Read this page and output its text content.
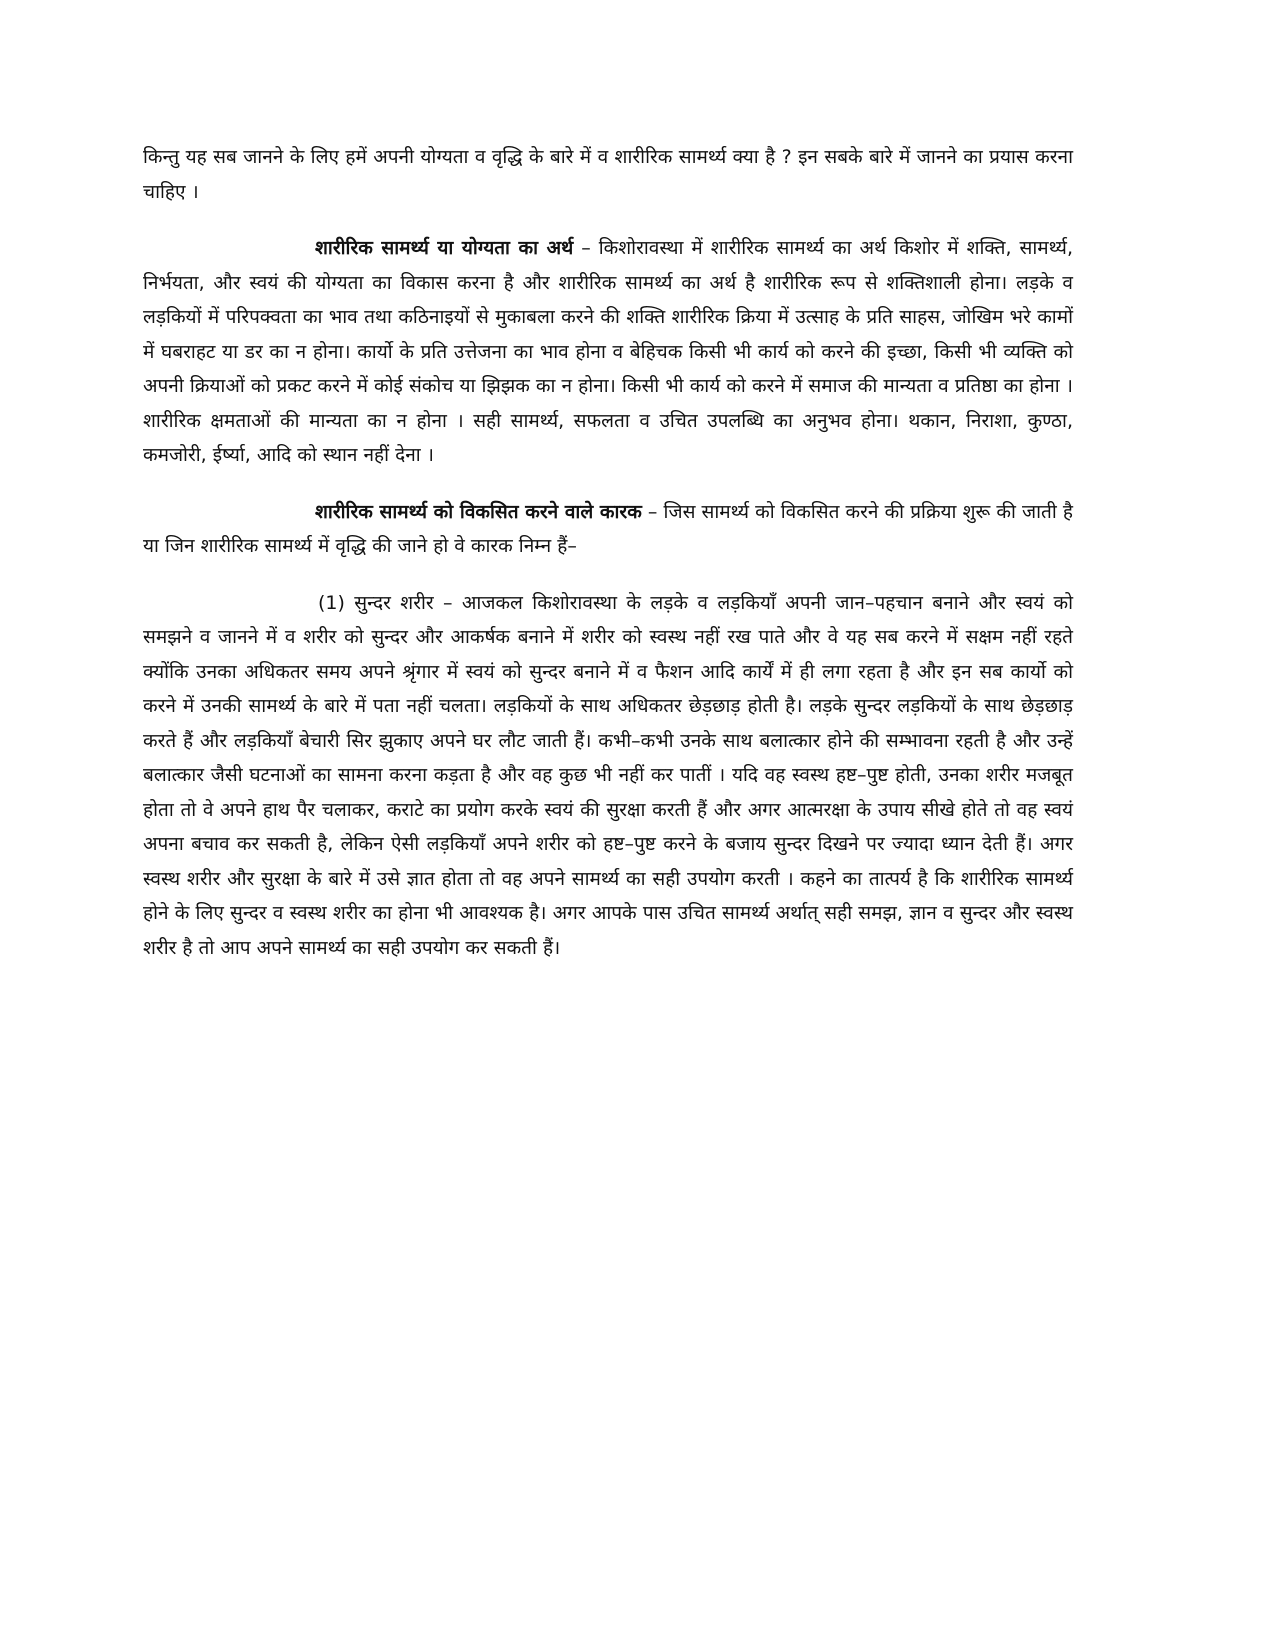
किन्तु यह सब जानने के लिए हमें अपनी योग्यता व वृद्धि के बारे में व शारीरिक सामर्थ्य क्या है ? इन सबके बारे में जानने का प्रयास करना चाहिए ।

शारीरिक सामर्थ्य या योग्यता का अर्थ – किशोरावस्था में शारीरिक सामर्थ्य का अर्थ किशोर में शक्ति, सामर्थ्य, निर्भयता, और स्वयं की योग्यता का विकास करना है और शारीरिक सामर्थ्य का अर्थ है शारीरिक रूप से शक्तिशाली होना। लड़के व लड़कियों में परिपक्वता का भाव तथा कठिनाइयों से मुकाबला करने की शक्ति शारीरिक क्रिया में उत्साह के प्रति साहस, जोखिम भरे कामों में घबराहट या डर का न होना। कार्यो के प्रति उत्तेजना का भाव होना व बेहिचक किसी भी कार्य को करने की इच्छा, किसी भी व्यक्ति को अपनी क्रियाओं को प्रकट करने में कोई संकोच या झिझक का न होना। किसी भी कार्य को करने में समाज की मान्यता व प्रतिष्ठा का होना । शारीरिक क्षमताओं की मान्यता का न होना । सही सामर्थ्य, सफलता व उचित उपलब्धि का अनुभव होना। थकान, निराशा, कुण्ठा, कमजोरी, ईर्ष्या, आदि को स्थान नहीं देना ।

शारीरिक सामर्थ्य को विकसित करने वाले कारक – जिस सामर्थ्य को विकसित करने की प्रक्रिया शुरू की जाती है या जिन शारीरिक सामर्थ्य में वृद्धि की जाने हो वे कारक निम्न हैं–

(1) सुन्दर शरीर – आजकल किशोरावस्था के लड़के व लड़कियाँ अपनी जान–पहचान बनाने और स्वयं को समझने व जानने में व शरीर को सुन्दर और आकर्षक बनाने में शरीर को स्वस्थ नहीं रख पाते और वे यह सब करने में सक्षम नहीं रहते क्योंकि उनका अधिकतर समय अपने श्रृंगार में स्वयं को सुन्दर बनाने में व फैशन आदि कार्यें में ही लगा रहता है और इन सब कार्यो को करने में उनकी सामर्थ्य के बारे में पता नहीं चलता। लड़कियों के साथ अधिकतर छेड़छाड़ होती है। लड़के सुन्दर लड़कियों के साथ छेड़छाड़ करते हैं और लड़कियाँ बेचारी सिर झुकाए अपने घर लौट जाती हैं। कभी–कभी उनके साथ बलात्कार होने की सम्भावना रहती है और उन्हें बलात्कार जैसी घटनाओं का सामना करना कड़ता है और वह कुछ भी नहीं कर पातीं । यदि वह स्वस्थ हष्ट–पुष्ट होती, उनका शरीर मजबूत होता तो वे अपने हाथ पैर चलाकर, कराटे का प्रयोग करके स्वयं की सुरक्षा करती हैं और अगर आत्मरक्षा के उपाय सीखे होते तो वह स्वयं अपना बचाव कर सकती है, लेकिन ऐसी लड़कियाँ अपने शरीर को हष्ट–पुष्ट करने के बजाय सुन्दर दिखने पर ज्यादा ध्यान देती हैं। अगर स्वस्थ शरीर और सुरक्षा के बारे में उसे ज्ञात होता तो वह अपने सामर्थ्य का सही उपयोग करती । कहने का तात्पर्य है कि शारीरिक सामर्थ्य होने के लिए सुन्दर व स्वस्थ शरीर का होना भी आवश्यक है। अगर आपके पास उचित सामर्थ्य अर्थात् सही समझ, ज्ञान व सुन्दर और स्वस्थ शरीर है तो आप अपने सामर्थ्य का सही उपयोग कर सकती हैं।
